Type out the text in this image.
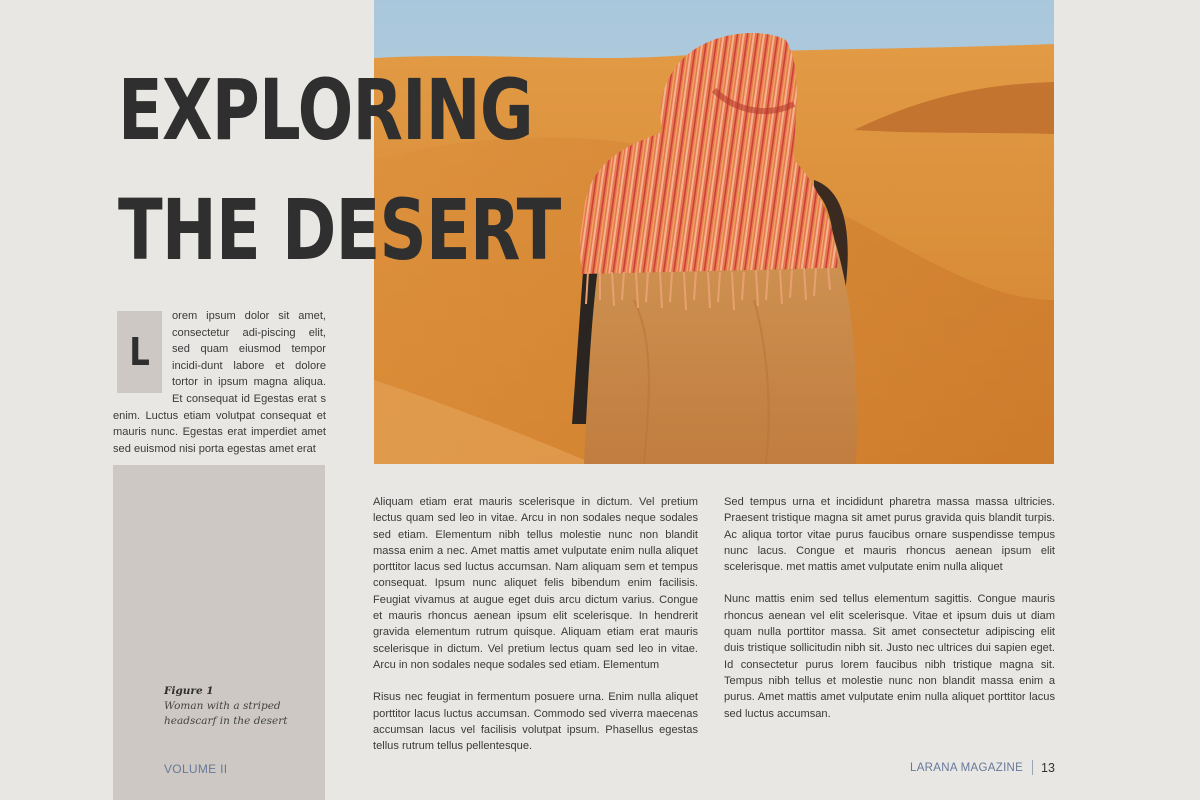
EXPLORING
THE DESERT
L
orem ipsum dolor sit amet, consectetur adi-piscing elit, sed quam eiusmod tempor incidi-dunt labore et dolore tortor in ipsum magna aliqua. Et consequat id Egestas erat s enim. Luctus etiam volutpat consequat et mauris nunc. Egestas erat imperdiet amet sed euismod nisi porta egestas amet erat

Aliquam etiam erat mauris scelerisque in dictum. Vel pretium lectus quam sed leo in vitae. Arcu in non sodales neque sodales sed etiam. Elementum nibh tellus molestie nunc non blandit massa enim a nec. Amet mattis amet vulputate enim nulla aliquet porttitor lacus sed luctus accumsan. Nam aliquam sem et tempus consequat. Ipsum nunc aliquet felis bibendum enim facilisis. Feugiat vivamus at augue eget duis arcu dictum varius. Congue et mauris rhoncus aenean ipsum elit scelerisque. In hendrerit gravida elementum rutrum quisque. Aliquam etiam erat mauris scelerisque in dictum. Vel pretium lectus quam sed leo in vitae. Arcu in non sodales neque sodales sed etiam. Elementum

Risus nec feugiat in fermentum posuere urna. Enim nulla aliquet porttitor lacus luctus accumsan. Commodo sed viverra maecenas accumsan lacus vel facilisis volutpat ipsum. Phasellus egestas tellus rutrum tellus pellentesque.

Sed tempus urna et incididunt pharetra massa massa ultricies. Praesent tristique magna sit amet purus gravida quis blandit turpis. Ac aliqua tortor vitae purus faucibus ornare suspendisse tempus nunc lacus. Congue et mauris rhoncus aenean ipsum elit scelerisque. met mattis amet vulputate enim nulla aliquet

Nunc mattis enim sed tellus elementum sagittis. Congue mauris rhoncus aenean vel elit scelerisque. Vitae et ipsum duis ut diam quam nulla porttitor massa. Sit amet consectetur adipiscing elit duis tristique sollicitudin nibh sit. Justo nec ultrices dui sapien eget. Id consectetur purus lorem faucibus nibh tristique magna sit. Tempus nibh tellus et molestie nunc non blandit massa enim a purus. Amet mattis amet vulputate enim nulla aliquet porttitor lacus sed luctus accumsan.

Figure 1
Woman with a striped headscarf in the desert
VOLUME II	LARANA MAGAZINE 13
